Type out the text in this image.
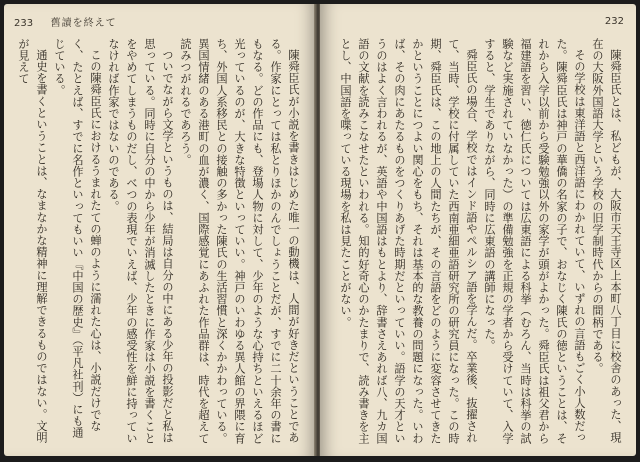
233 舊讀を終えて

陳舜臣氏が小説を書きはじめた唯一の動機は、人間が好きだということである。作家にとっては私とりほかのんでしょうことだが、すでに二十余年の書にもなる。どの作品にも、登場人物に対して、少年のような心持ちといえるほど光っているのが、大きな特徴といっていい。神戸のいわゆる異人館の界隈に育ち、外国人系移民との接触の多かった陳氏の生活習慣と深くかかわっている。異国情緒のある港町の血が濃く、国際感覚にあふれた作品群は、時代を超えて読みつがれるであろう。

ついでながら文学というものは、結局は自分の中にある少年の投影だと私は思っている。同時に自分の中から少年が消滅したときに作家は小説を書くことをやめてしまうものだし、べつの表現でいえば、少年の感受性を鮮に持っていなければ作家ではないのである。

この陳舜臣氏におけるうまれたての蝉のように濡れた心は、小説だけでなく、たとえば、すでに名作といってもいい『中国の歴史』（平凡社刊）にも通じている。

通史を書くということは、なまなかな精神に理解できるものではない。文明が見えて

232

陳舜臣氏とは、私どもが、大阪市天王寺区上本町八丁目に校舎のあった、現在の大阪外国語大学という学校の旧学制時代からの間柄である。

その学校は東洋語と西洋語にわかれていて、いずれの言語もごく小人数だった。陳舜臣氏は神戸の華僑の名家の子で、おなじく陳氏の徳ということは、それから入学以前から受験勉強以外の家学が頭がよかった。舜臣氏は祖父君から福建語を習い、徳仁氏については広東語による科挙（むろん、当時は科挙の試験など実施されていなかった）の準備勉強を正規の学者から受けていて、入学すると、学生でありながら、同時に広東語の講師になった。

舜臣氏の場合、学校ではインド語やペルシア語を学んだ。卒業後、抜擢されて、当時、学校に付属していた西南亜細亜語研究所の研究員になった。この時期、舜臣氏は、この地上の人間たちが、その言語をどのように変容させてきたかということにつよい関心をもち、それは基本的な教養の問題になった。いわば、その肉にあたるものをつくりあげた時期だといっていい。語学の天才というのはよく言われるが、英語や中国語はもとより、辞書さえあれば八、九カ国語の文献を読みこなせたといわれる。知的好奇心のかたまりで、読み書きを主とし、中国語を喋っている現場を私は見たことがない。
